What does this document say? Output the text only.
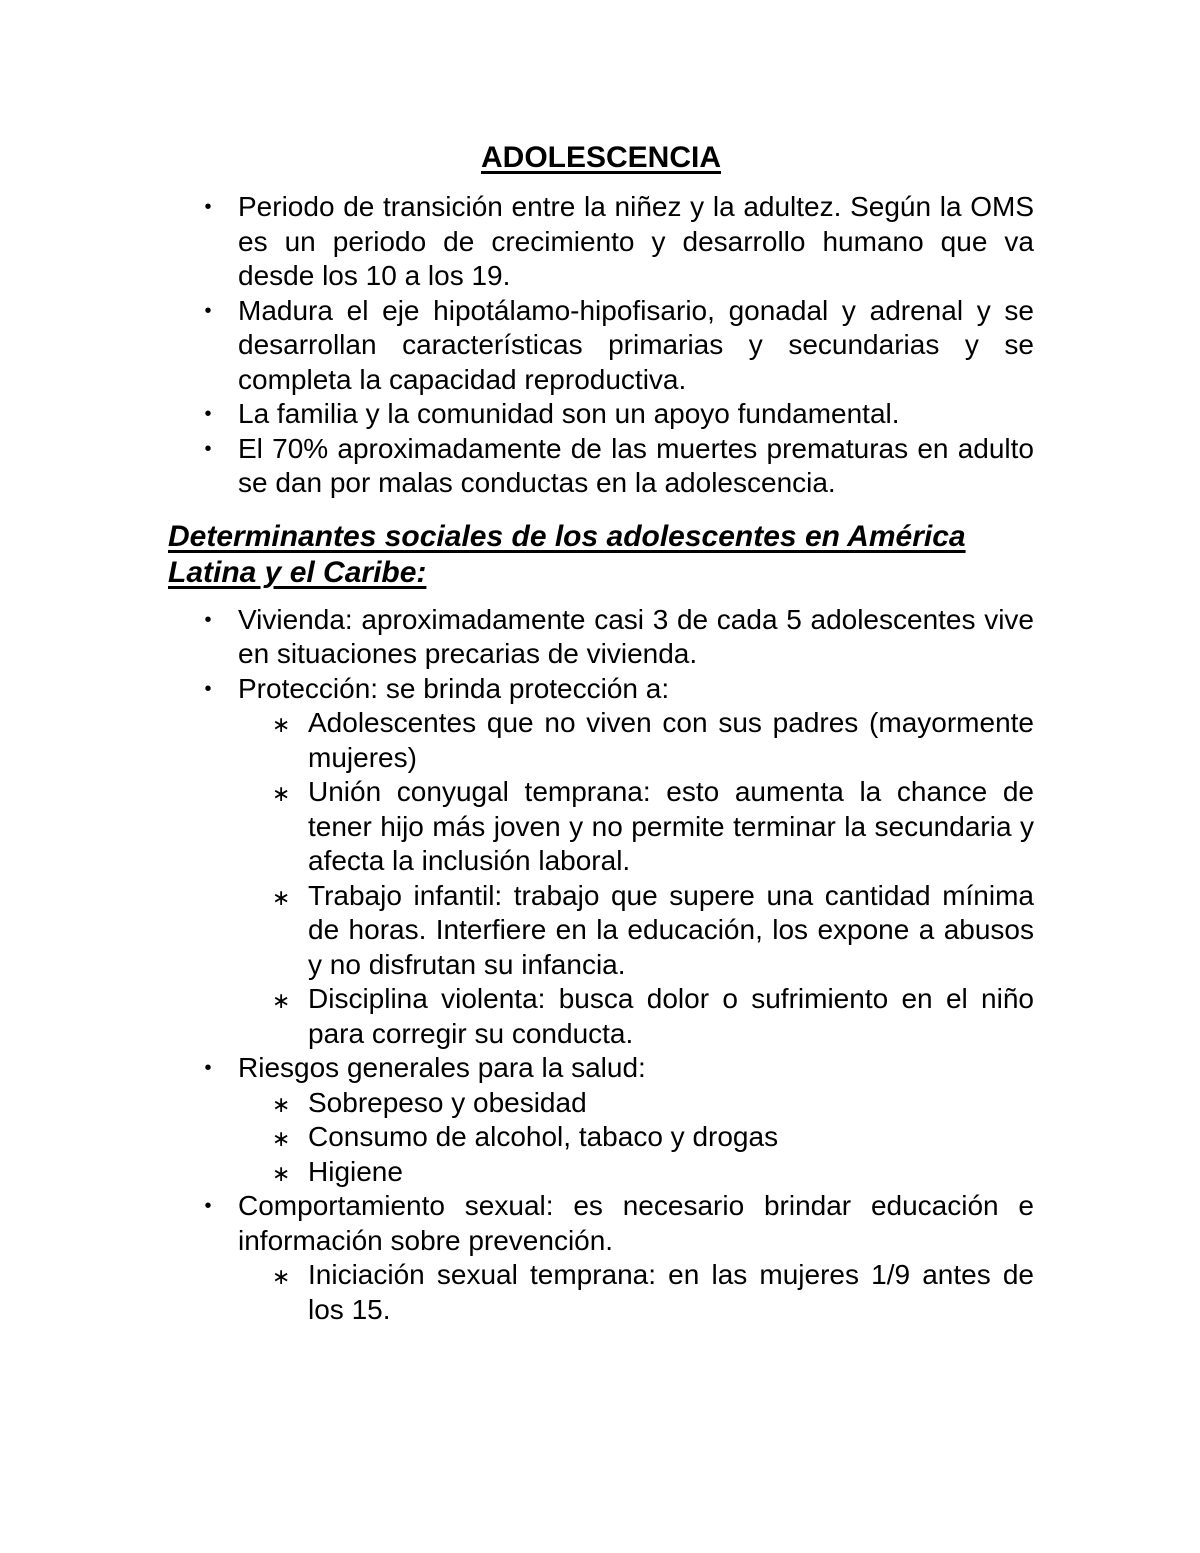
ADOLESCENCIA
• Periodo de transición entre la niñez y la adultez. Según la OMS es un periodo de crecimiento y desarrollo humano que va desde los 10 a los 19.
• Madura el eje hipotálamo-hipofisario, gonadal y adrenal y se desarrollan características primarias y secundarias y se completa la capacidad reproductiva.
• La familia y la comunidad son un apoyo fundamental.
• El 70% aproximadamente de las muertes prematuras en adulto se dan por malas conductas en la adolescencia.
Determinantes sociales de los adolescentes en América Latina y el Caribe:
• Vivienda: aproximadamente casi 3 de cada 5 adolescentes vive en situaciones precarias de vivienda.
• Protección: se brinda protección a:
∗ Adolescentes que no viven con sus padres (mayormente mujeres)
∗ Unión conyugal temprana: esto aumenta la chance de tener hijo más joven y no permite terminar la secundaria y afecta la inclusión laboral.
∗ Trabajo infantil: trabajo que supere una cantidad mínima de horas. Interfiere en la educación, los expone a abusos y no disfrutan su infancia.
∗ Disciplina violenta: busca dolor o sufrimiento en el niño para corregir su conducta.
• Riesgos generales para la salud:
∗ Sobrepeso y obesidad
∗ Consumo de alcohol, tabaco y drogas
∗ Higiene
• Comportamiento sexual: es necesario brindar educación e información sobre prevención.
∗ Iniciación sexual temprana: en las mujeres 1/9 antes de los 15.
